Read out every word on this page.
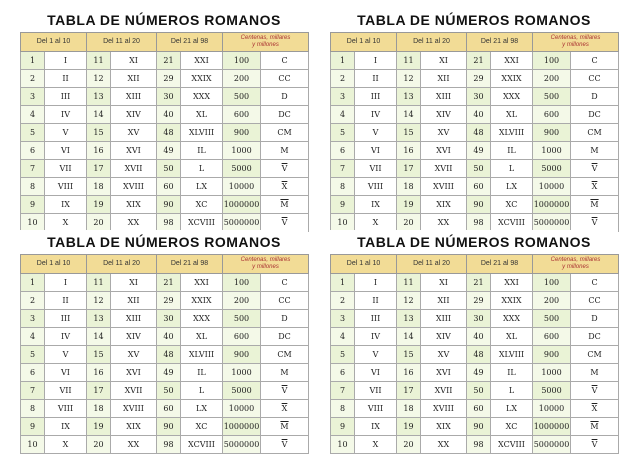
TABLA DE NÚMEROS ROMANOS
Del 1 al 10		Del 11 al 20		Del 21 al 98		Centenas, millares
y millones	

1	I	11	XI	21	XXI	100	C
2	II	12	XII	29	XXIX	200	CC
3	III	13	XIII	30	XXX	500	D
4	IV	14	XIV	40	XL	600	DC
5	V	15	XV	48	XLVIII	900	CM
6	VI	16	XVI	49	IL	1000	M
7	VII	17	XVII	50	L	5000	$\overline{V}$
8	VIII	18	XVIII	60	LX	10000	$\overline{X}$
9	IX	19	XIX	90	XC	1000000	$\overline{M}$
10	X	20	XX	98	XCVIII	5000000	$\overline{V}$
TABLA DE NÚMEROS ROMANOS
Del 1 al 10		Del 11 al 20		Del 21 al 98		Centenas, millares
y millones	

1	I	11	XI	21	XXI	100	C
2	II	12	XII	29	XXIX	200	CC
3	III	13	XIII	30	XXX	500	D
4	IV	14	XIV	40	XL	600	DC
5	V	15	XV	48	XLVIII	900	CM
6	VI	16	XVI	49	IL	1000	M
7	VII	17	XVII	50	L	5000	$\overline{V}$
8	VIII	18	XVIII	60	LX	10000	$\overline{X}$
9	IX	19	XIX	90	XC	1000000	$\overline{M}$
10	X	20	XX	98	XCVIII	5000000	$\overline{V}$
TABLA DE NÚMEROS ROMANOS
Del 1 al 10		Del 11 al 20		Del 21 al 98		Centenas, millares
y millones	

1	I	11	XI	21	XXI	100	C
2	II	12	XII	29	XXIX	200	CC
3	III	13	XIII	30	XXX	500	D
4	IV	14	XIV	40	XL	600	DC
5	V	15	XV	48	XLVIII	900	CM
6	VI	16	XVI	49	IL	1000	M
7	VII	17	XVII	50	L	5000	$\overline{V}$
8	VIII	18	XVIII	60	LX	10000	$\overline{X}$
9	IX	19	XIX	90	XC	1000000	$\overline{M}$
10	X	20	XX	98	XCVIII	5000000	$\overline{V}$
TABLA DE NÚMEROS ROMANOS
Del 1 al 10		Del 11 al 20		Del 21 al 98		Centenas, millares
y millones	

1	I	11	XI	21	XXI	100	C
2	II	12	XII	29	XXIX	200	CC
3	III	13	XIII	30	XXX	500	D
4	IV	14	XIV	40	XL	600	DC
5	V	15	XV	48	XLVIII	900	CM
6	VI	16	XVI	49	IL	1000	M
7	VII	17	XVII	50	L	5000	$\overline{V}$
8	VIII	18	XVIII	60	LX	10000	$\overline{X}$
9	IX	19	XIX	90	XC	1000000	$\overline{M}$
10	X	20	XX	98	XCVIII	5000000	$\overline{V}$
